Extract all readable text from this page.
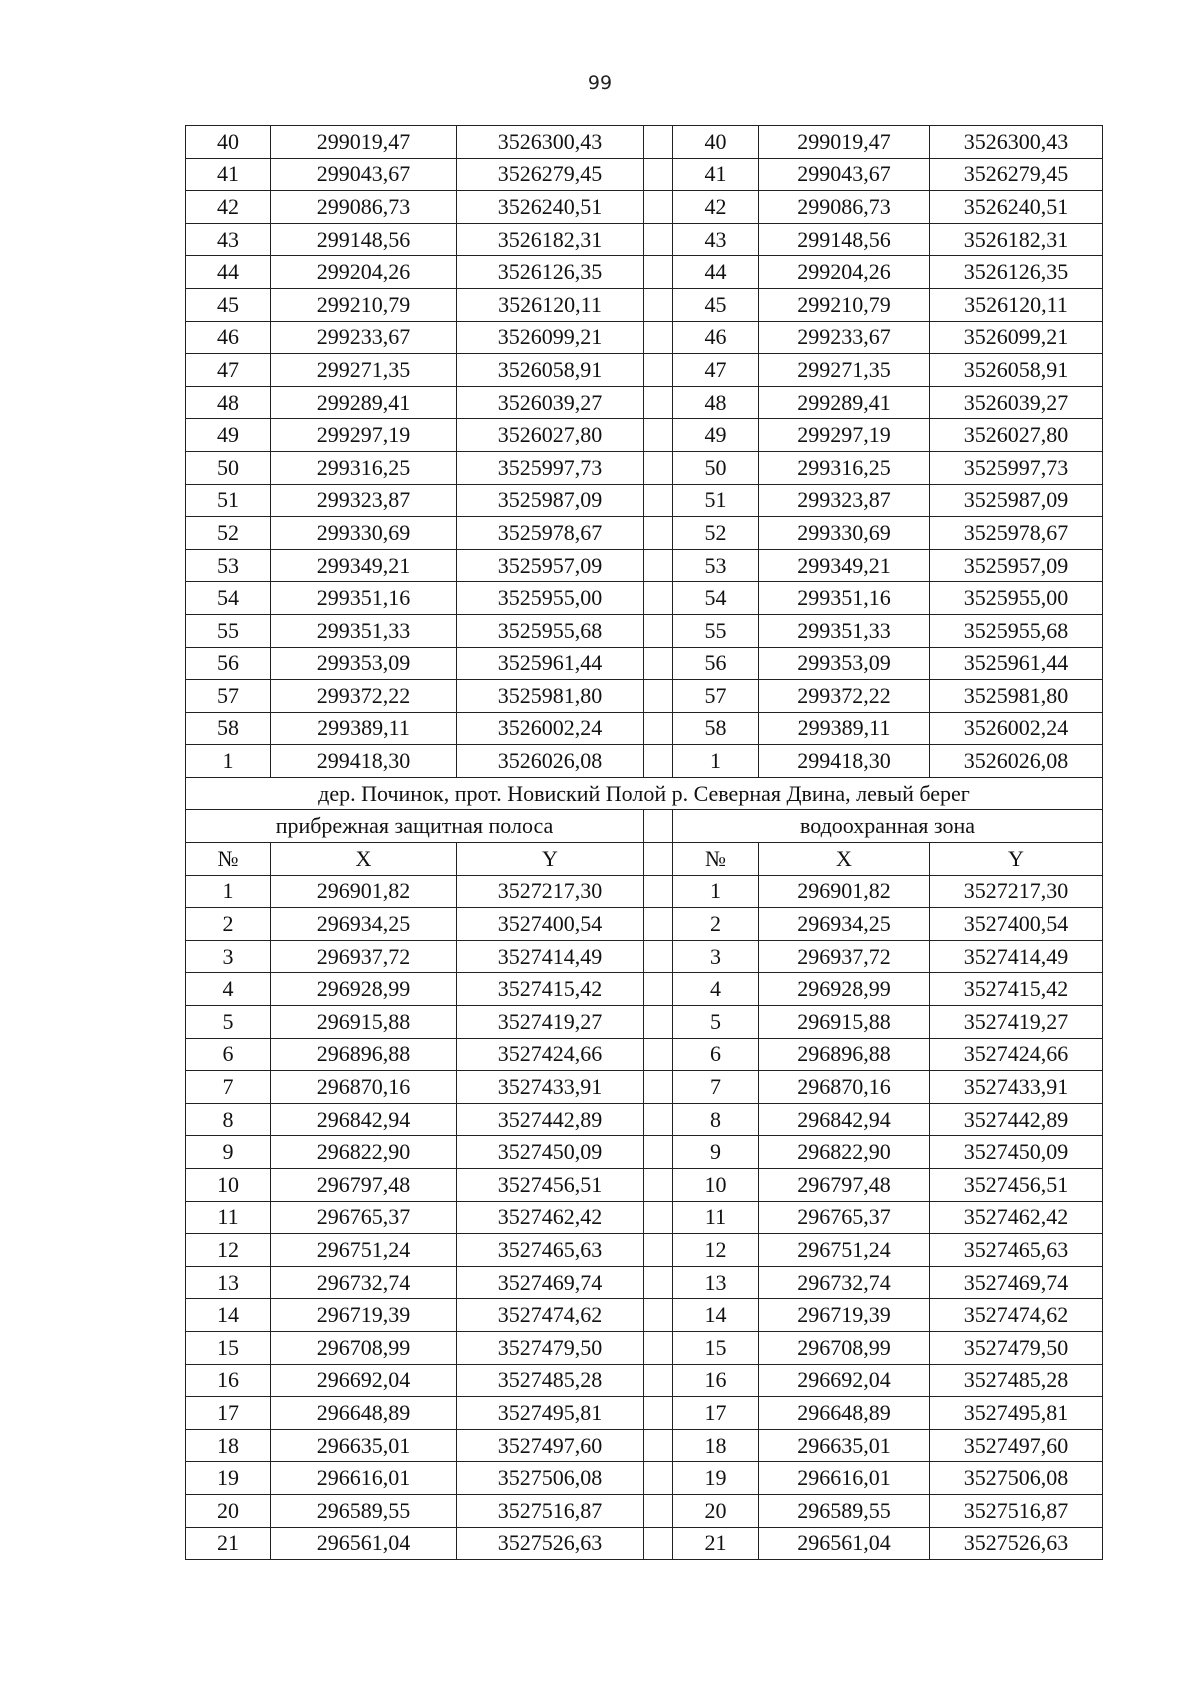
99
40	299019,47	3526300,43		40	299019,47	3526300,43
41	299043,67	3526279,45		41	299043,67	3526279,45
42	299086,73	3526240,51		42	299086,73	3526240,51
43	299148,56	3526182,31		43	299148,56	3526182,31
44	299204,26	3526126,35		44	299204,26	3526126,35
45	299210,79	3526120,11		45	299210,79	3526120,11
46	299233,67	3526099,21		46	299233,67	3526099,21
47	299271,35	3526058,91		47	299271,35	3526058,91
48	299289,41	3526039,27		48	299289,41	3526039,27
49	299297,19	3526027,80		49	299297,19	3526027,80
50	299316,25	3525997,73		50	299316,25	3525997,73
51	299323,87	3525987,09		51	299323,87	3525987,09
52	299330,69	3525978,67		52	299330,69	3525978,67
53	299349,21	3525957,09		53	299349,21	3525957,09
54	299351,16	3525955,00		54	299351,16	3525955,00
55	299351,33	3525955,68		55	299351,33	3525955,68
56	299353,09	3525961,44		56	299353,09	3525961,44
57	299372,22	3525981,80		57	299372,22	3525981,80
58	299389,11	3526002,24		58	299389,11	3526002,24
1	299418,30	3526026,08		1	299418,30	3526026,08
дер. Починок, прот. Новиский Полой р. Северная Двина, левый берег						
прибрежная защитная полоса				водоохранная зона		
№	X	Y		№	X	Y
1	296901,82	3527217,30		1	296901,82	3527217,30
2	296934,25	3527400,54		2	296934,25	3527400,54
3	296937,72	3527414,49		3	296937,72	3527414,49
4	296928,99	3527415,42		4	296928,99	3527415,42
5	296915,88	3527419,27		5	296915,88	3527419,27
6	296896,88	3527424,66		6	296896,88	3527424,66
7	296870,16	3527433,91		7	296870,16	3527433,91
8	296842,94	3527442,89		8	296842,94	3527442,89
9	296822,90	3527450,09		9	296822,90	3527450,09
10	296797,48	3527456,51		10	296797,48	3527456,51
11	296765,37	3527462,42		11	296765,37	3527462,42
12	296751,24	3527465,63		12	296751,24	3527465,63
13	296732,74	3527469,74		13	296732,74	3527469,74
14	296719,39	3527474,62		14	296719,39	3527474,62
15	296708,99	3527479,50		15	296708,99	3527479,50
16	296692,04	3527485,28		16	296692,04	3527485,28
17	296648,89	3527495,81		17	296648,89	3527495,81
18	296635,01	3527497,60		18	296635,01	3527497,60
19	296616,01	3527506,08		19	296616,01	3527506,08
20	296589,55	3527516,87		20	296589,55	3527516,87
21	296561,04	3527526,63		21	296561,04	3527526,63
